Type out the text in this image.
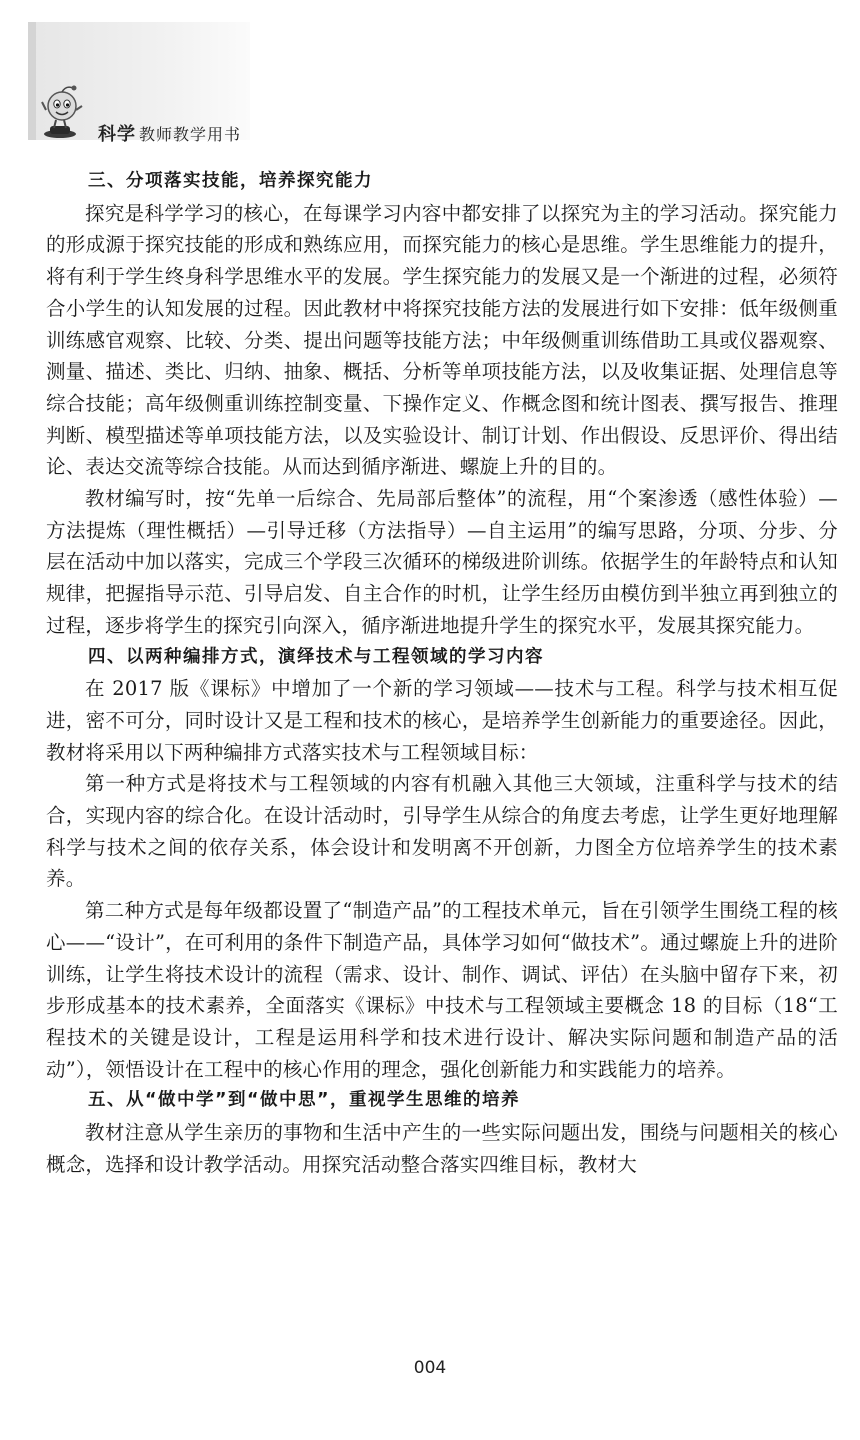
科学 教师教学用书

三、分项落实技能，培养探究能力

探究是科学学习的核心，在每课学习内容中都安排了以探究为主的学习活动。探究能力的形成源于探究技能的形成和熟练应用，而探究能力的核心是思维。学生思维能力的提升，将有利于学生终身科学思维水平的发展。学生探究能力的发展又是一个渐进的过程，必须符合小学生的认知发展的过程。因此教材中将探究技能方法的发展进行如下安排：低年级侧重训练感官观察、比较、分类、提出问题等技能方法；中年级侧重训练借助工具或仪器观察、测量、描述、类比、归纳、抽象、概括、分析等单项技能方法，以及收集证据、处理信息等综合技能；高年级侧重训练控制变量、下操作定义、作概念图和统计图表、撰写报告、推理判断、模型描述等单项技能方法，以及实验设计、制订计划、作出假设、反思评价、得出结论、表达交流等综合技能。从而达到循序渐进、螺旋上升的目的。

教材编写时，按“先单一后综合、先局部后整体”的流程，用“个案渗透（感性体验）—方法提炼（理性概括）—引导迁移（方法指导）—自主运用”的编写思路，分项、分步、分层在活动中加以落实，完成三个学段三次循环的梯级进阶训练。依据学生的年龄特点和认知规律，把握指导示范、引导启发、自主合作的时机，让学生经历由模仿到半独立再到独立的过程，逐步将学生的探究引向深入，循序渐进地提升学生的探究水平，发展其探究能力。

四、以两种编排方式，演绎技术与工程领域的学习内容

在 2017 版《课标》中增加了一个新的学习领域——技术与工程。科学与技术相互促进，密不可分，同时设计又是工程和技术的核心，是培养学生创新能力的重要途径。因此，教材将采用以下两种编排方式落实技术与工程领域目标：

第一种方式是将技术与工程领域的内容有机融入其他三大领域，注重科学与技术的结合，实现内容的综合化。在设计活动时，引导学生从综合的角度去考虑，让学生更好地理解科学与技术之间的依存关系，体会设计和发明离不开创新，力图全方位培养学生的技术素养。

第二种方式是每年级都设置了“制造产品”的工程技术单元，旨在引领学生围绕工程的核心——“设计”，在可利用的条件下制造产品，具体学习如何“做技术”。通过螺旋上升的进阶训练，让学生将技术设计的流程（需求、设计、制作、调试、评估）在头脑中留存下来，初步形成基本的技术素养，全面落实《课标》中技术与工程领域主要概念 18 的目标（18“工程技术的关键是设计，工程是运用科学和技术进行设计、解决实际问题和制造产品的活动”），领悟设计在工程中的核心作用的理念，强化创新能力和实践能力的培养。

五、从“做中学”到“做中思”，重视学生思维的培养

教材注意从学生亲历的事物和生活中产生的一些实际问题出发，围绕与问题相关的核心概念，选择和设计教学活动。用探究活动整合落实四维目标，教材大

004
